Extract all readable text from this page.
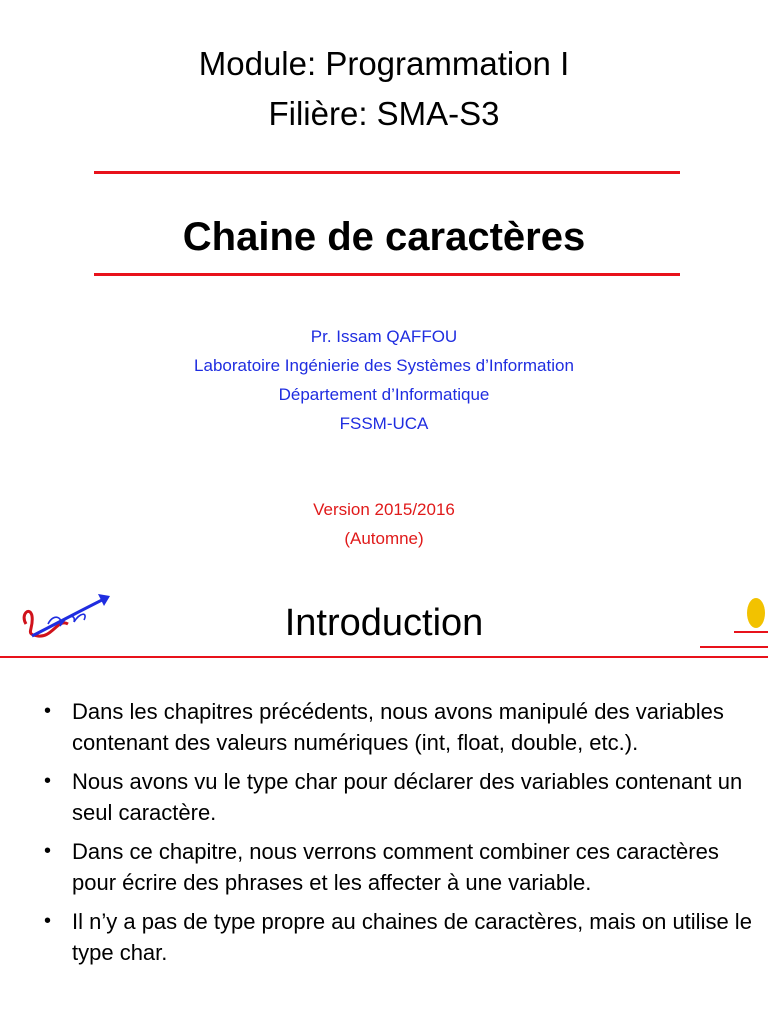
Module: Programmation I
Filière: SMA-S3
Chaine de caractères
Pr. Issam QAFFOU
Laboratoire Ingénierie des Systèmes d’Information
Département d’Informatique
FSSM-UCA
Version 2015/2016
(Automne)
Introduction
• Dans les chapitres précédents, nous avons manipulé des variables contenant des valeurs numériques (int, float, double, etc.).
• Nous avons vu le type char pour déclarer des variables contenant un seul caractère.
• Dans ce chapitre, nous verrons comment combiner ces caractères pour écrire des phrases et les affecter à une variable.
• Il n’y a pas de type propre au chaines de caractères, mais on utilise le type char.
